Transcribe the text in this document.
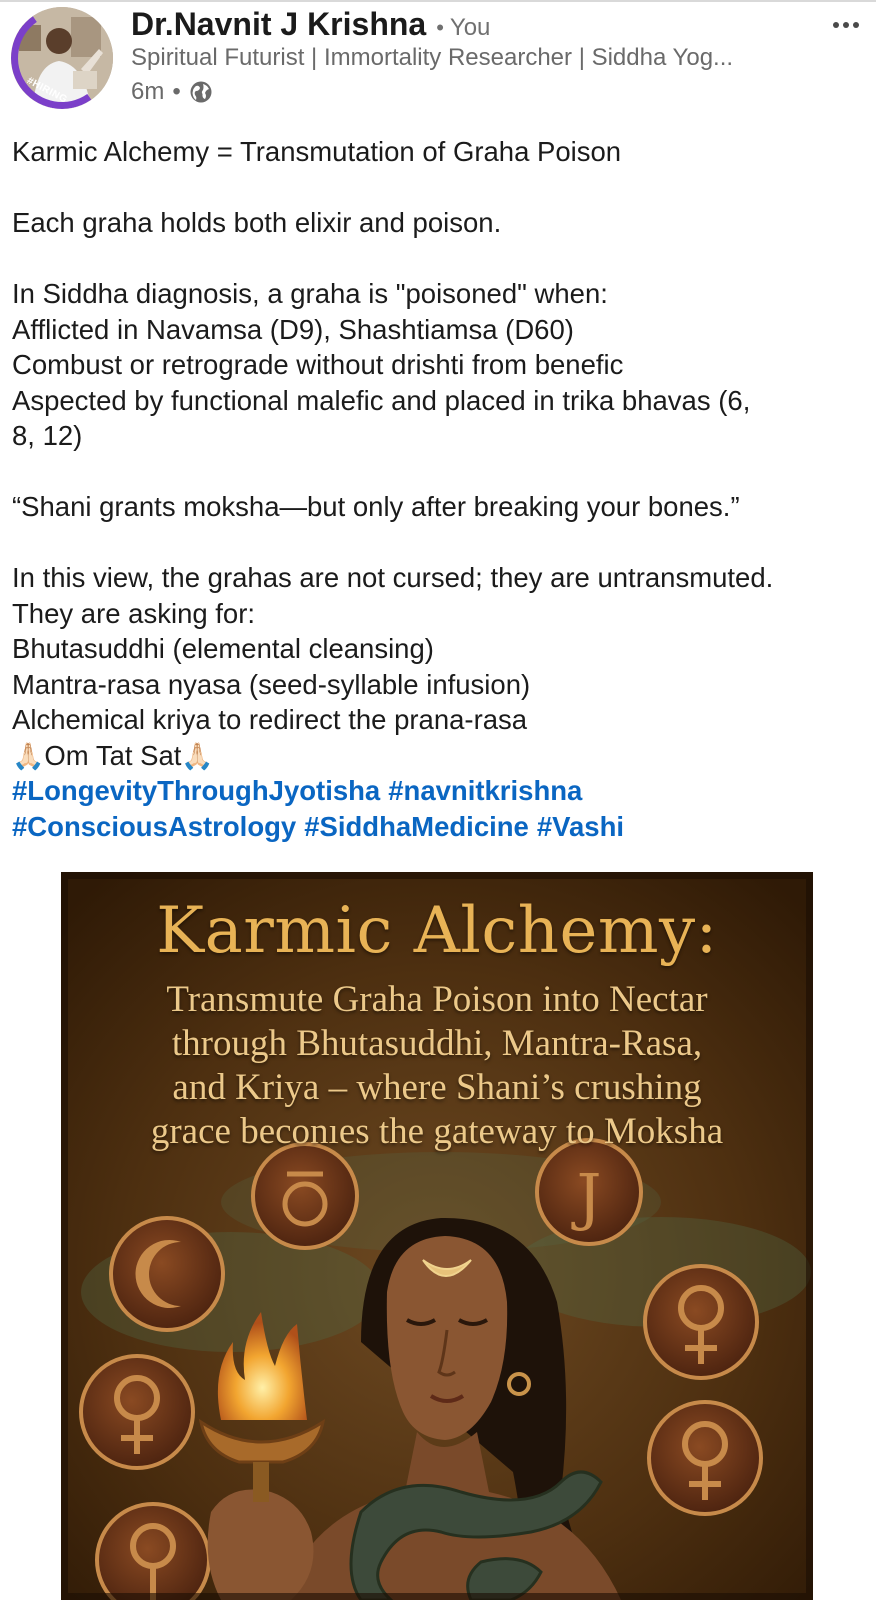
#HIRING
Dr.Navnit J Krishna • You
Spiritual Futurist | Immortality Researcher | Siddha Yog...
6m •
Karmic Alchemy = Transmutation of Graha Poison
Each graha holds both elixir and poison.
In Siddha diagnosis, a graha is "poisoned" when:
Afflicted in Navamsa (D9), Shashtiamsa (D60)
Combust or retrograde without drishti from benefic
Aspected by functional malefic and placed in trika bhavas (6,
8, 12)
“Shani grants moksha—but only after breaking your bones.”
In this view, the grahas are not cursed; they are untransmuted.
They are asking for:
Bhutasuddhi (elemental cleansing)
Mantra-rasa nyasa (seed-syllable infusion)
Alchemical kriya to redirect the prana-rasa
🙏🏻Om Tat Sat🙏🏻
#LongevityThroughJyotisha #navnitkrishna
#ConsciousAstrology #SiddhaMedicine #Vashi
J
Karmic Alchemy:
Transmute Graha Poison into Nectar
through Bhutasuddhi, Mantra-Rasa,
and Kriya – where Shani’s crushing
grace beconıes the gateway to Moksha
